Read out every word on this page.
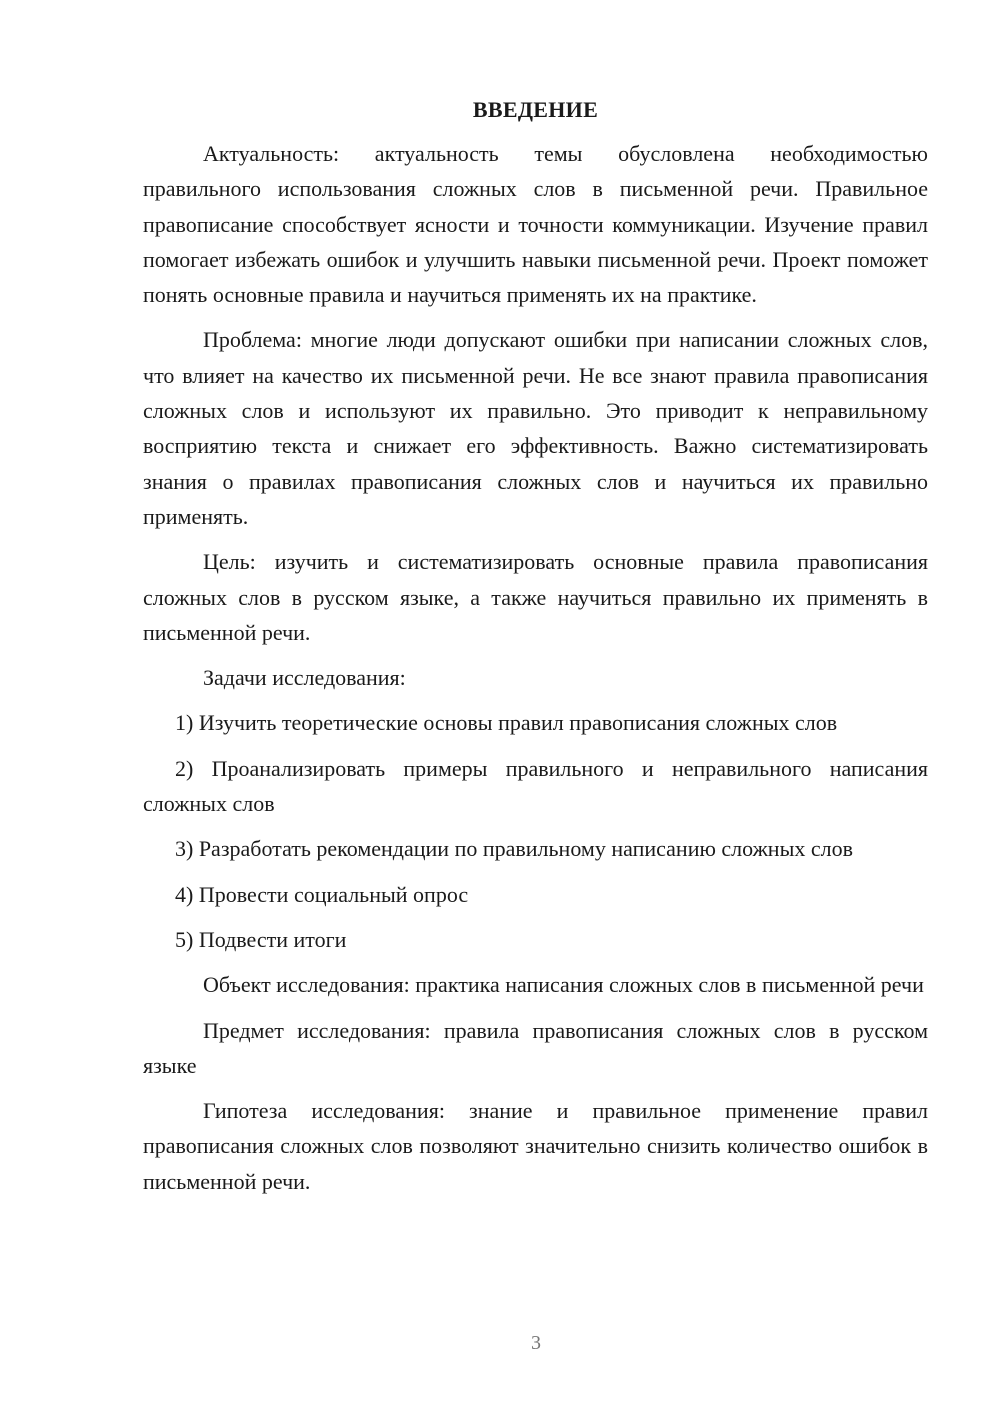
ВВЕДЕНИЕ

Актуальность: актуальность темы обусловлена необходимостью правильного использования сложных слов в письменной речи. Правильное правописание способствует ясности и точности коммуникации. Изучение правил помогает избежать ошибок и улучшить навыки письменной речи. Проект поможет понять основные правила и научиться применять их на практике.

Проблема: многие люди допускают ошибки при написании сложных слов, что влияет на качество их письменной речи. Не все знают правила правописания сложных слов и используют их правильно. Это приводит к неправильному восприятию текста и снижает его эффективность. Важно систематизировать знания о правилах правописания сложных слов и научиться их правильно применять.

Цель: изучить и систематизировать основные правила правописания сложных слов в русском языке, а также научиться правильно их применять в письменной речи.

Задачи исследования:

1) Изучить теоретические основы правил правописания сложных слов

2) Проанализировать примеры правильного и неправильного написания сложных слов

3) Разработать рекомендации по правильному написанию сложных слов

4) Провести социальный опрос

5) Подвести итоги

Объект исследования: практика написания сложных слов в письменной речи

Предмет исследования: правила правописания сложных слов в русском языке

Гипотеза исследования: знание и правильное применение правил правописания сложных слов позволяют значительно снизить количество ошибок в письменной речи.

3
